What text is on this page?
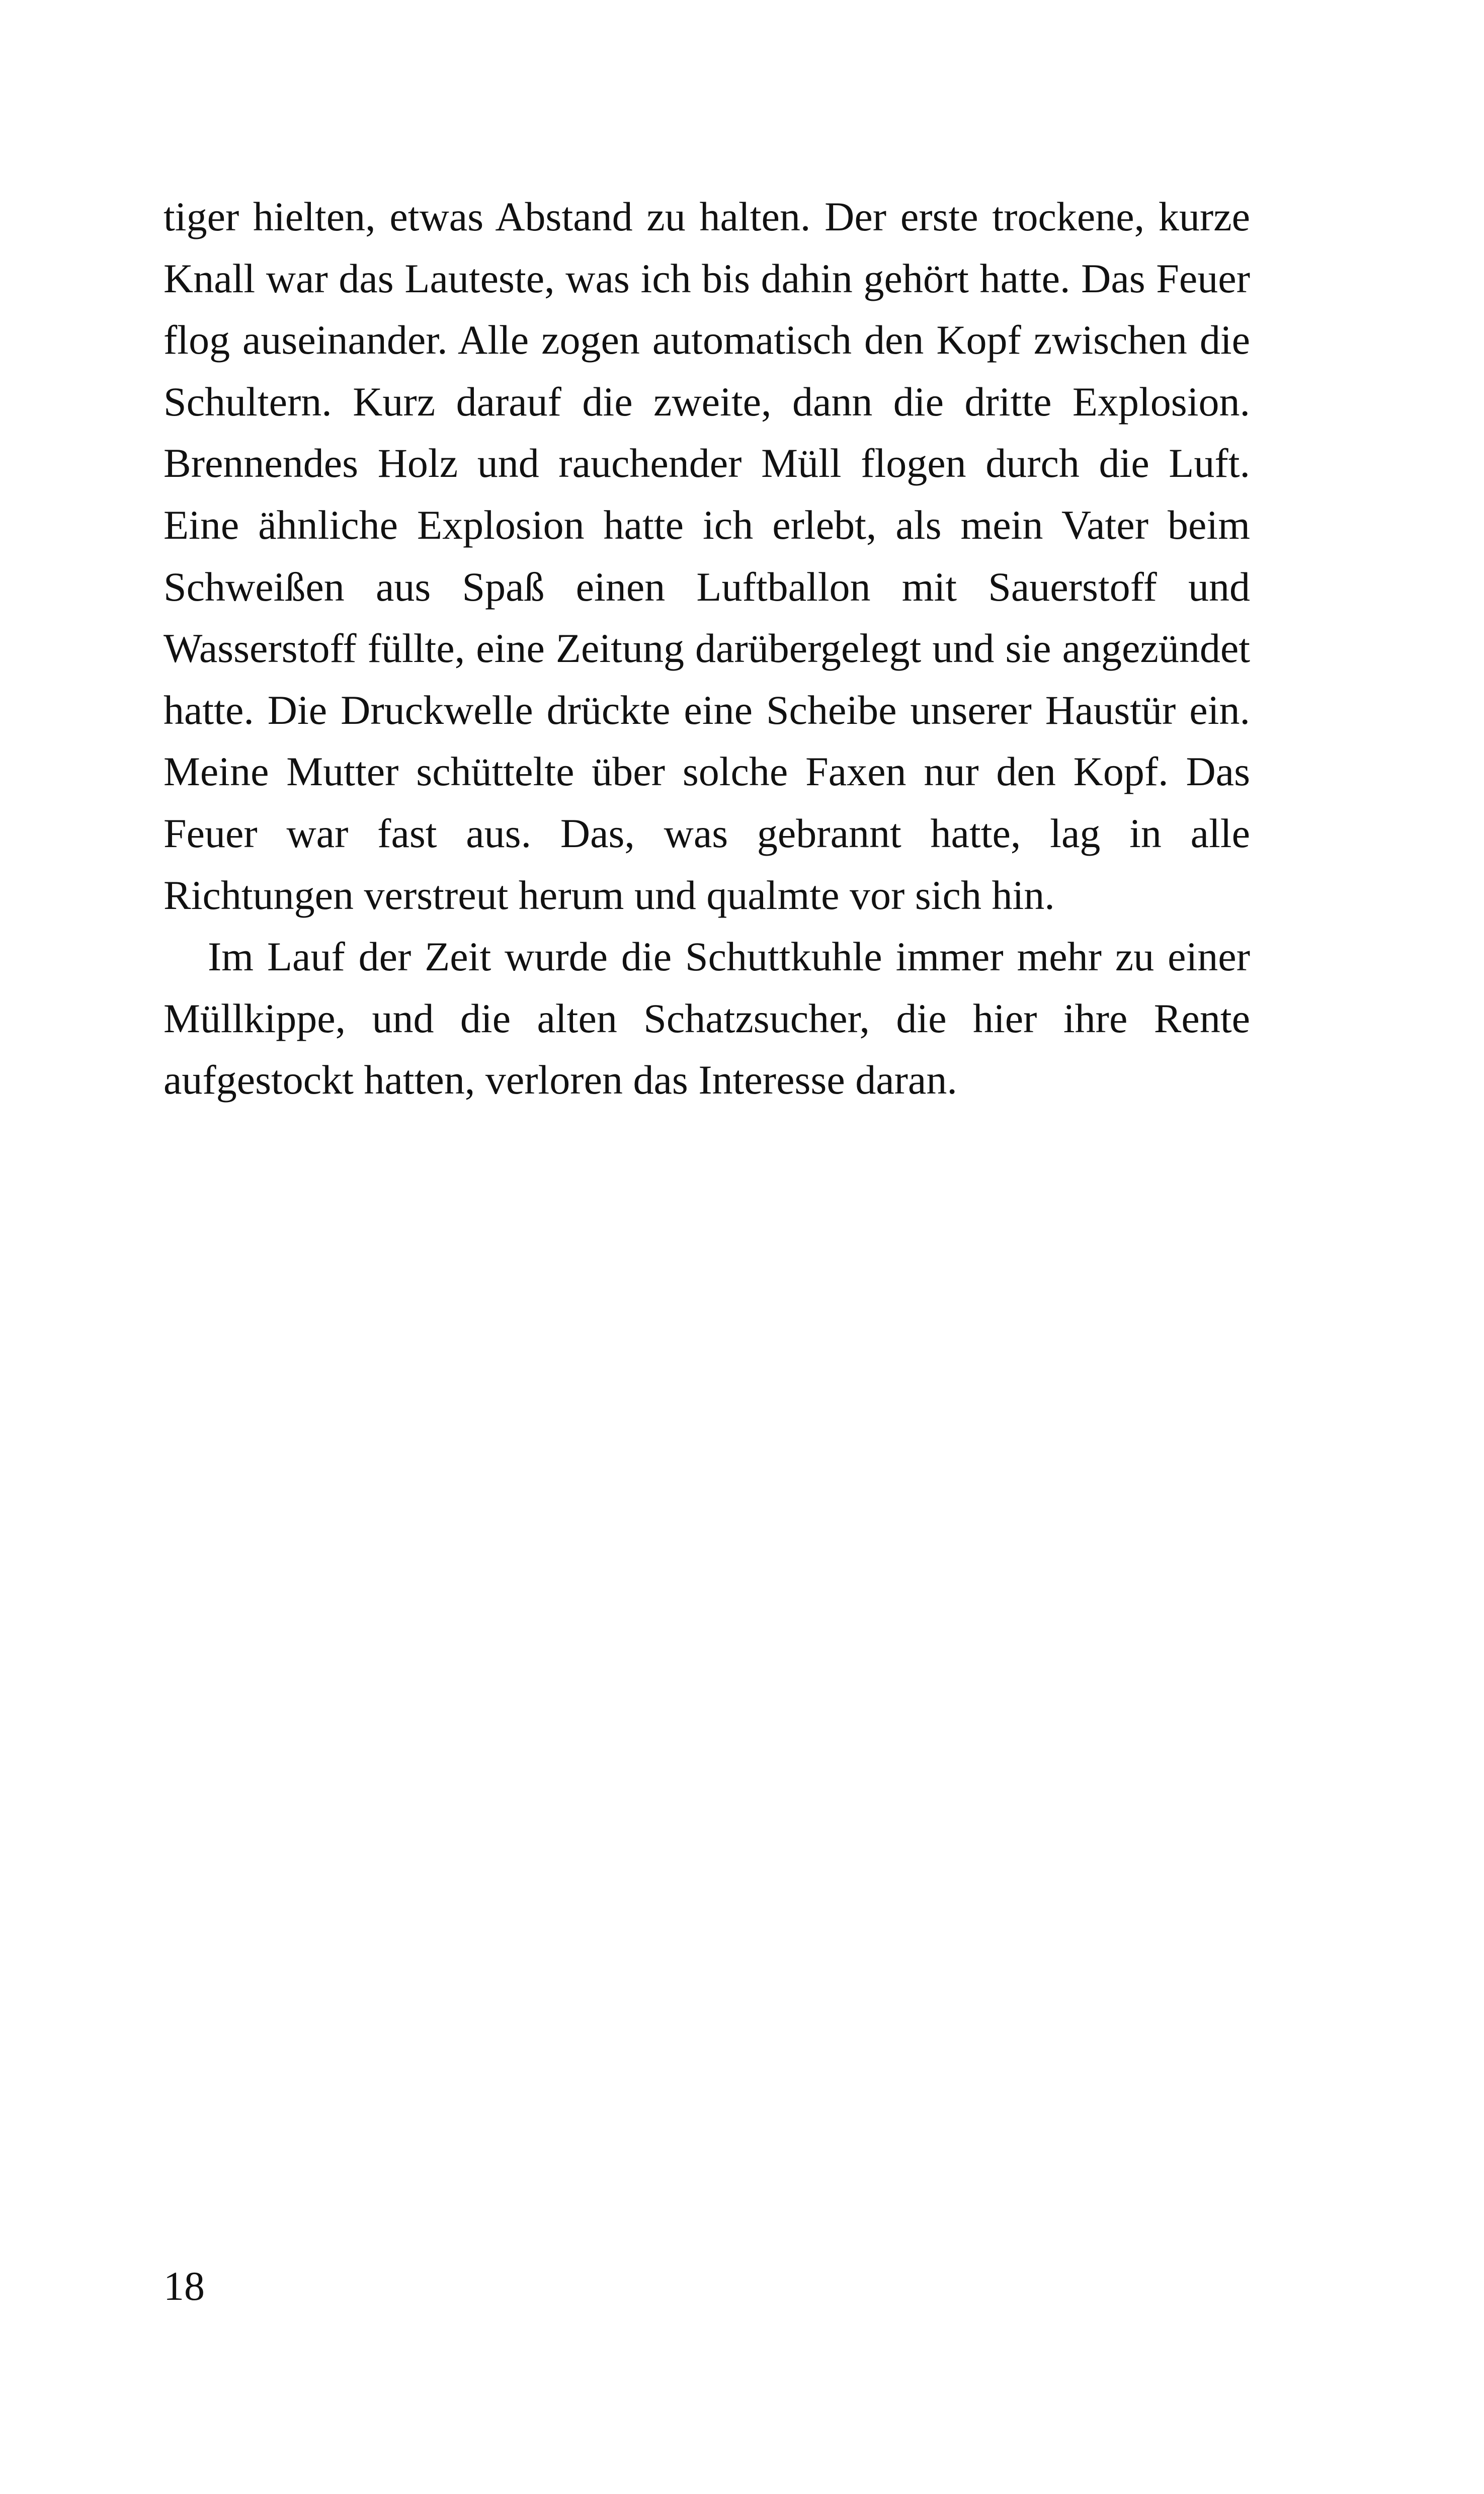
tiger hielten, etwas Abstand zu halten. Der erste trockene, kurze Knall war das Lauteste, was ich bis dahin gehört hatte. Das Feuer flog auseinander. Alle zogen automatisch den Kopf zwischen die Schultern. Kurz darauf die zweite, dann die dritte Explosion. Brennendes Holz und rauchender Müll flogen durch die Luft. Eine ähnliche Explosion hatte ich erlebt, als mein Vater beim Schweißen aus Spaß einen Luftballon mit Sauerstoff und Wasserstoff füllte, eine Zeitung darübergelegt und sie angezündet hatte. Die Druckwelle drückte eine Scheibe unserer Haustür ein. Meine Mutter schüttelte über solche Faxen nur den Kopf. Das Feuer war fast aus. Das, was gebrannt hatte, lag in alle Richtungen verstreut herum und qualmte vor sich hin.

Im Lauf der Zeit wurde die Schuttkuhle immer mehr zu einer Müllkippe, und die alten Schatzsucher, die hier ihre Rente aufgestockt hatten, verloren das Interesse daran.

18
